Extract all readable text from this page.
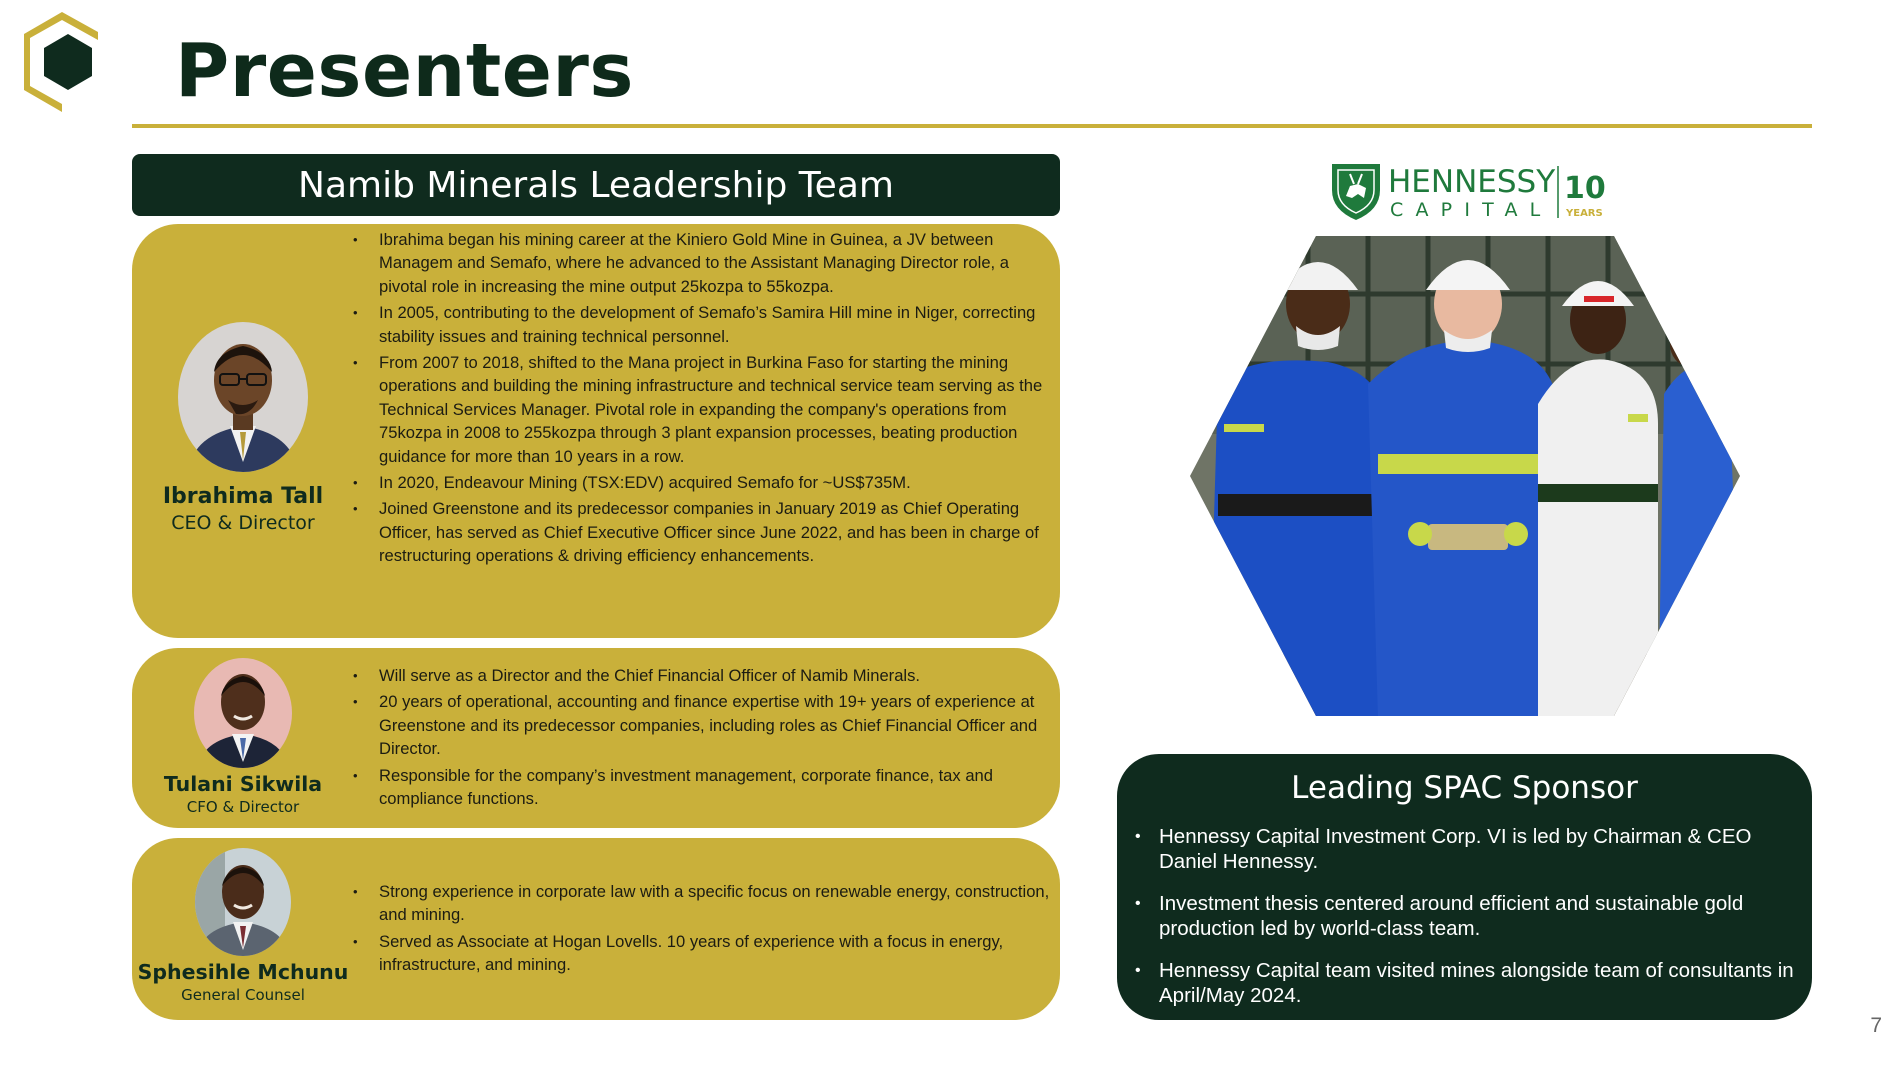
Presenters
Namib Minerals Leadership Team
Ibrahima Tall
CEO & Director
• Ibrahima began his mining career at the Kiniero Gold Mine in Guinea, a JV between Managem and Semafo, where he advanced to the Assistant Managing Director role, a pivotal role in increasing the mine output 25kozpa to 55kozpa.
• In 2005, contributing to the development of Semafo’s Samira Hill mine in Niger, correcting stability issues and training technical personnel.
• From 2007 to 2018, shifted to the Mana project in Burkina Faso for starting the mining operations and building the mining infrastructure and technical service team serving as the Technical Services Manager. Pivotal role in expanding the company's operations from 75kozpa in 2008 to 255kozpa through 3 plant expansion processes, beating production guidance for more than 10 years in a row.
• In 2020, Endeavour Mining (TSX:EDV) acquired Semafo for ~US$735M.
• Joined Greenstone and its predecessor companies in January 2019 as Chief Operating Officer, has served as Chief Executive Officer since June 2022, and has been in charge of restructuring operations & driving efficiency enhancements.
Tulani Sikwila
CFO & Director
• Will serve as a Director and the Chief Financial Officer of Namib Minerals.
• 20 years of operational, accounting and finance expertise with 19+ years of experience at Greenstone and its predecessor companies, including roles as Chief Financial Officer and Director.
• Responsible for the company’s investment management, corporate finance, tax and compliance functions.
Sphesihle Mchunu
General Counsel
• Strong experience in corporate law with a specific focus on renewable energy, construction, and mining.
• Served as Associate at Hogan Lovells. 10 years of experience with a focus in energy, infrastructure, and mining.
HENNESSY
CAPITAL
10
YEARS
Leading SPAC Sponsor
• Hennessy Capital Investment Corp. VI is led by Chairman & CEO Daniel Hennessy.
• Investment thesis centered around efficient and sustainable gold production led by world-class team.
• Hennessy Capital team visited mines alongside team of consultants in April/May 2024.
7
